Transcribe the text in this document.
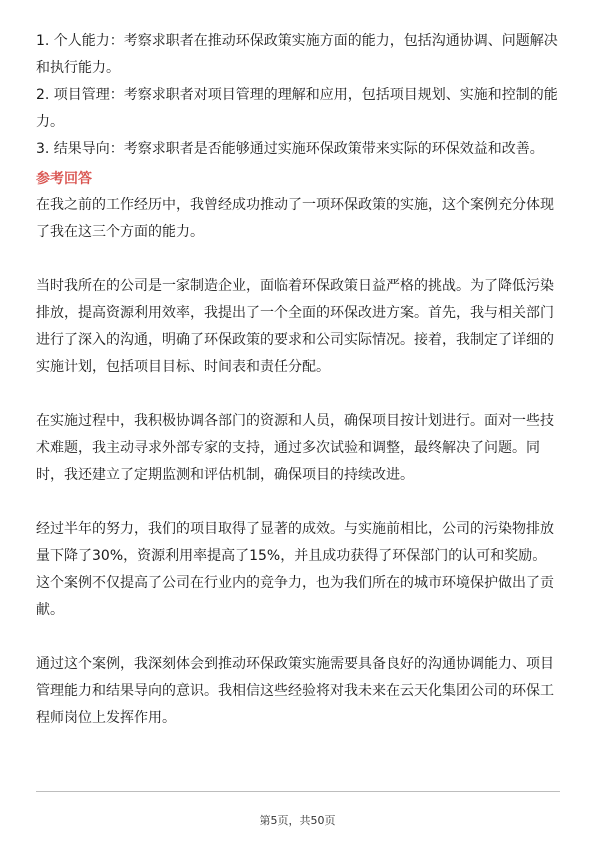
1. 个人能力：考察求职者在推动环保政策实施方面的能力，包括沟通协调、问题解决和执行能力。

2. 项目管理：考察求职者对项目管理的理解和应用，包括项目规划、实施和控制的能力。

3. 结果导向：考察求职者是否能够通过实施环保政策带来实际的环保效益和改善。

参考回答

在我之前的工作经历中，我曾经成功推动了一项环保政策的实施，这个案例充分体现了我在这三个方面的能力。

当时我所在的公司是一家制造企业，面临着环保政策日益严格的挑战。为了降低污染排放，提高资源利用效率，我提出了一个全面的环保改进方案。首先，我与相关部门进行了深入的沟通，明确了环保政策的要求和公司实际情况。接着，我制定了详细的实施计划，包括项目目标、时间表和责任分配。

在实施过程中，我积极协调各部门的资源和人员，确保项目按计划进行。面对一些技术难题，我主动寻求外部专家的支持，通过多次试验和调整，最终解决了问题。同时，我还建立了定期监测和评估机制，确保项目的持续改进。

经过半年的努力，我们的项目取得了显著的成效。与实施前相比，公司的污染物排放量下降了30%，资源利用率提高了15%，并且成功获得了环保部门的认可和奖励。这个案例不仅提高了公司在行业内的竞争力，也为我们所在的城市环境保护做出了贡献。

通过这个案例，我深刻体会到推动环保政策实施需要具备良好的沟通协调能力、项目管理能力和结果导向的意识。我相信这些经验将对我未来在云天化集团公司的环保工程师岗位上发挥作用。

第5页，共50页
